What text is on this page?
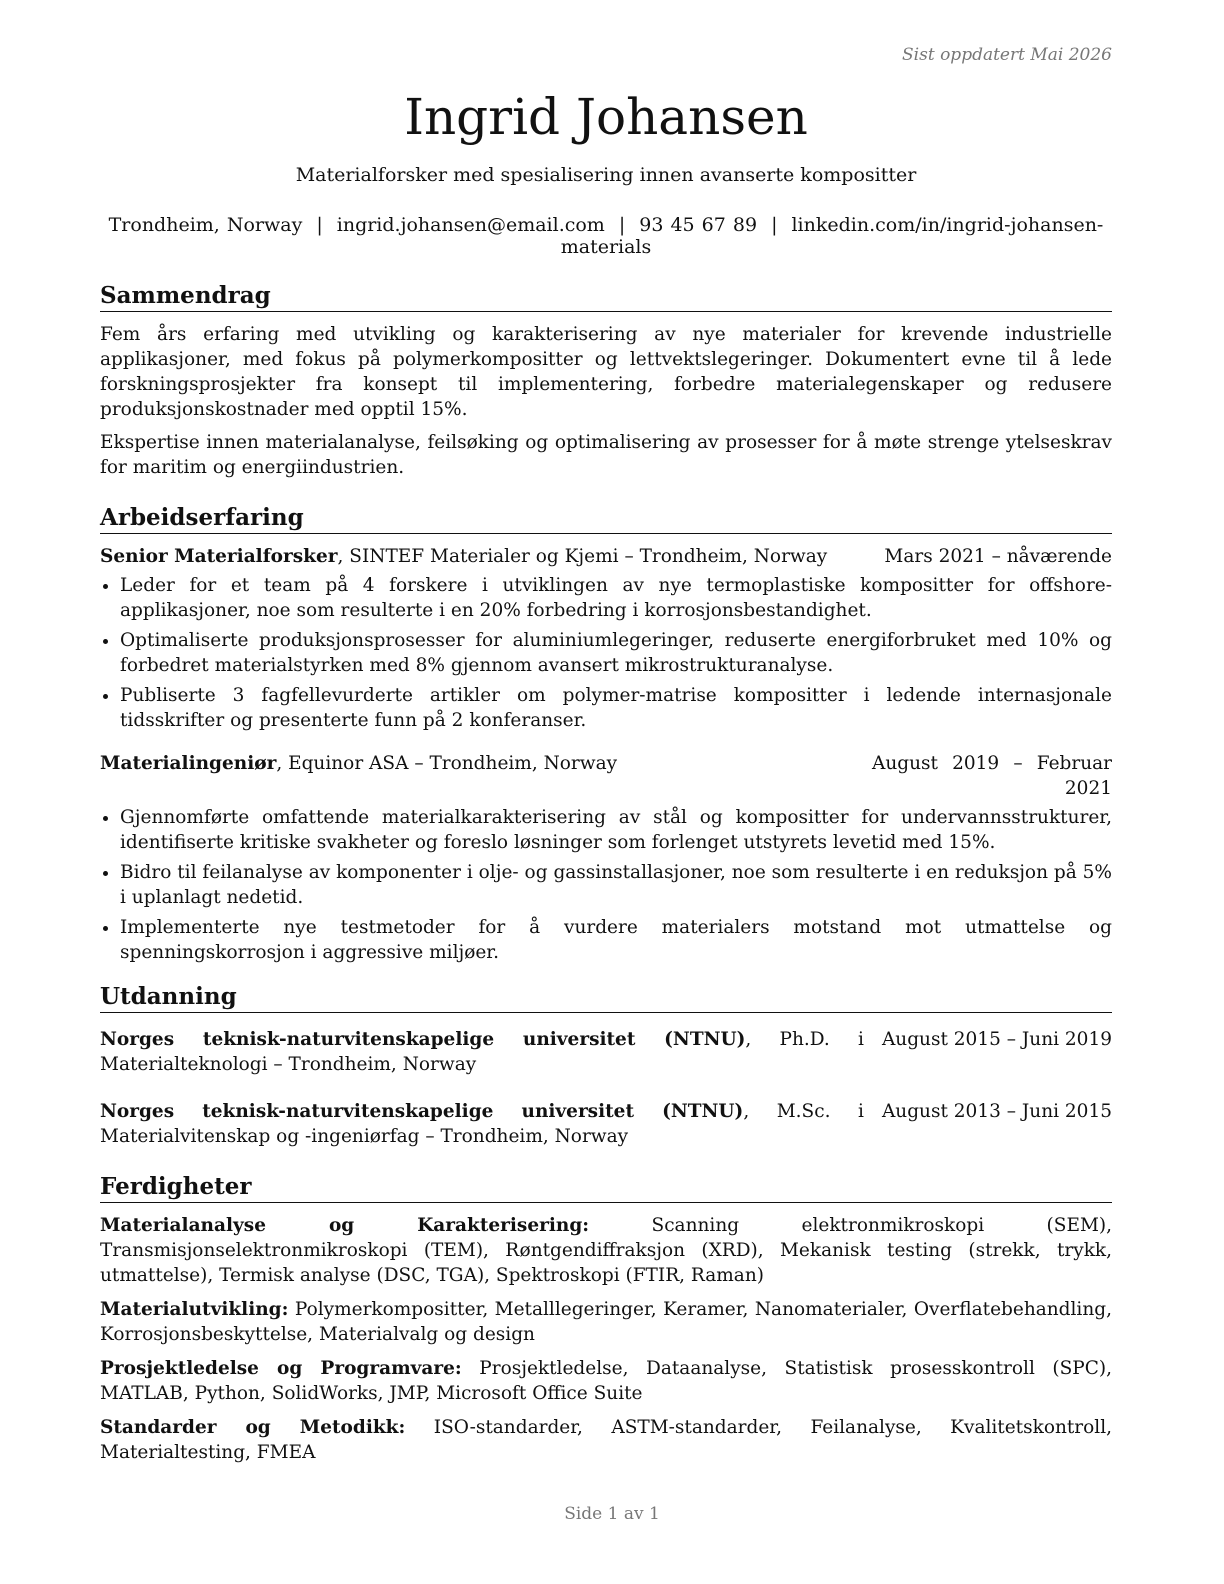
Sist oppdatert Mai 2026
Ingrid Johansen
Materialforsker med spesialisering innen avanserte kompositter
Trondheim, Norway | ingrid.johansen@email.com | 93 45 67 89 | linkedin.com/in/ingrid-johansen-materials
Sammendrag

Fem års erfaring med utvikling og karakterisering av nye materialer for krevende industrielle applikasjoner, med fokus på polymerkompositter og lettvektslegeringer. Dokumentert evne til å lede forskningsprosjekter fra konsept til implementering, forbedre materialegenskaper og redusere produksjonskostnader med opptil 15%.

Ekspertise innen materialanalyse, feilsøking og optimalisering av prosesser for å møte strenge ytelseskrav for maritim og energiindustrien.

Arbeidserfaring
Senior Materialforsker, SINTEF Materialer og Kjemi – Trondheim, Norway	Mars 2021 – nåværende
• Leder for et team på 4 forskere i utviklingen av nye termoplastiske kompositter for offshore-applikasjoner, noe som resulterte i en 20% forbedring i korrosjonsbestandighet.
• Optimaliserte produksjonsprosesser for aluminiumlegeringer, reduserte energiforbruket med 10% og forbedret materialstyrken med 8% gjennom avansert mikrostrukturanalyse.
• Publiserte 3 fagfellevurderte artikler om polymer-matrise kompositter i ledende internasjonale tidsskrifter og presenterte funn på 2 konferanser.
Materialingeniør, Equinor ASA – Trondheim, Norway	August 2019 – Februar 2021
• Gjennomførte omfattende materialkarakterisering av stål og kompositter for undervannsstrukturer, identifiserte kritiske svakheter og foreslo løsninger som forlenget utstyrets levetid med 15%.
• Bidro til feilanalyse av komponenter i olje- og gassinstallasjoner, noe som resulterte i en reduksjon på 5% i uplanlagt nedetid.
• Implementerte nye testmetoder for å vurdere materialers motstand mot utmattelse og spenningskorrosjon i aggressive miljøer.
Utdanning
Norges teknisk-naturvitenskapelige universitet (NTNU), Ph.D. i Materialteknologi – Trondheim, Norway
August 2015 – Juni 2019
Norges teknisk-naturvitenskapelige universitet (NTNU), M.Sc. i Materialvitenskap og -ingeniørfag – Trondheim, Norway
August 2013 – Juni 2015
Ferdigheter
Materialanalyse og Karakterisering: Scanning elektronmikroskopi (SEM), Transmisjonselektronmikroskopi (TEM), Røntgendiffraksjon (XRD), Mekanisk testing (strekk, trykk, utmattelse), Termisk analyse (DSC, TGA), Spektroskopi (FTIR, Raman)
Materialutvikling: Polymerkompositter, Metalllegeringer, Keramer, Nanomaterialer, Overflatebehandling, Korrosjonsbeskyttelse, Materialvalg og design
Prosjektledelse og Programvare: Prosjektledelse, Dataanalyse, Statistisk prosesskontroll (SPC), MATLAB, Python, SolidWorks, JMP, Microsoft Office Suite
Standarder og Metodikk: ISO-standarder, ASTM-standarder, Feilanalyse, Kvalitetskontroll, Materialtesting, FMEA
Side 1 av 1
